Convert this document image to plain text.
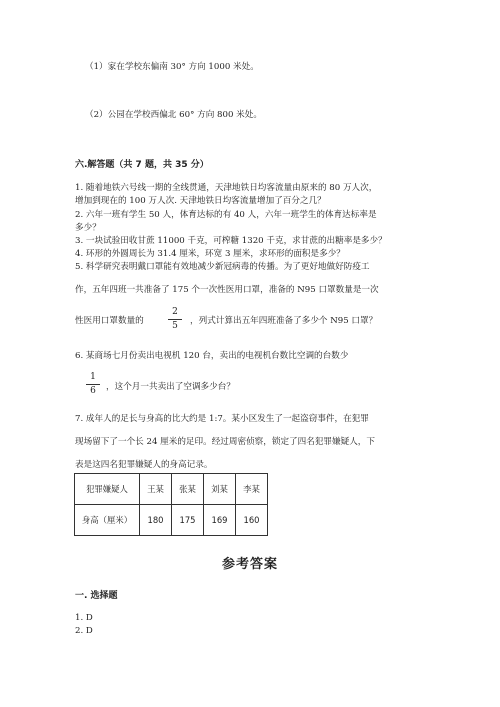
（1）家在学校东偏南 30° 方向 1000 米处。
（2）公园在学校西偏北 60° 方向 800 米处。
六.解答题（共 7 题，共 35 分）
1. 随着地铁六号线一期的全线贯通，天津地铁日均客流量由原来的 80 万人次，
增加到现在的 100 万人次. 天津地铁日均客流量增加了百分之几？
2. 六年一班有学生 50 人，体育达标的有 40 人，六年一班学生的体育达标率是
多少？
3. 一块试验田收甘蔗 11000 千克，可榨糖 1320 千克，求甘蔗的出糖率是多少？
4. 环形的外圆周长为 31.4 厘米，环宽 3 厘米，求环形的面积是多少？
5. 科学研究表明戴口罩能有效地减少新冠病毒的传播。为了更好地做好防疫工
作，五年四班一共准备了 175 个一次性医用口罩，准备的 N95 口罩数量是一次
性医用口罩数量的
2
5	，列式计算出五年四班准备了多少个 N95 口罩？
6. 某商场七月份卖出电视机 120 台，卖出的电视机台数比空调的台数少
1
6	，这个月一共卖出了空调多少台？
7. 成年人的足长与身高的比大约是 1:7。某小区发生了一起盗窃事件，在犯罪
现场留下了一个长 24 厘米的足印。经过周密侦察，锁定了四名犯罪嫌疑人，下
表是这四名犯罪嫌疑人的身高记录。
犯罪嫌疑人	王某	张某	刘某	李某
身高（厘米）	180	175	169	160
参考答案
一. 选择题
1. D
2. D
